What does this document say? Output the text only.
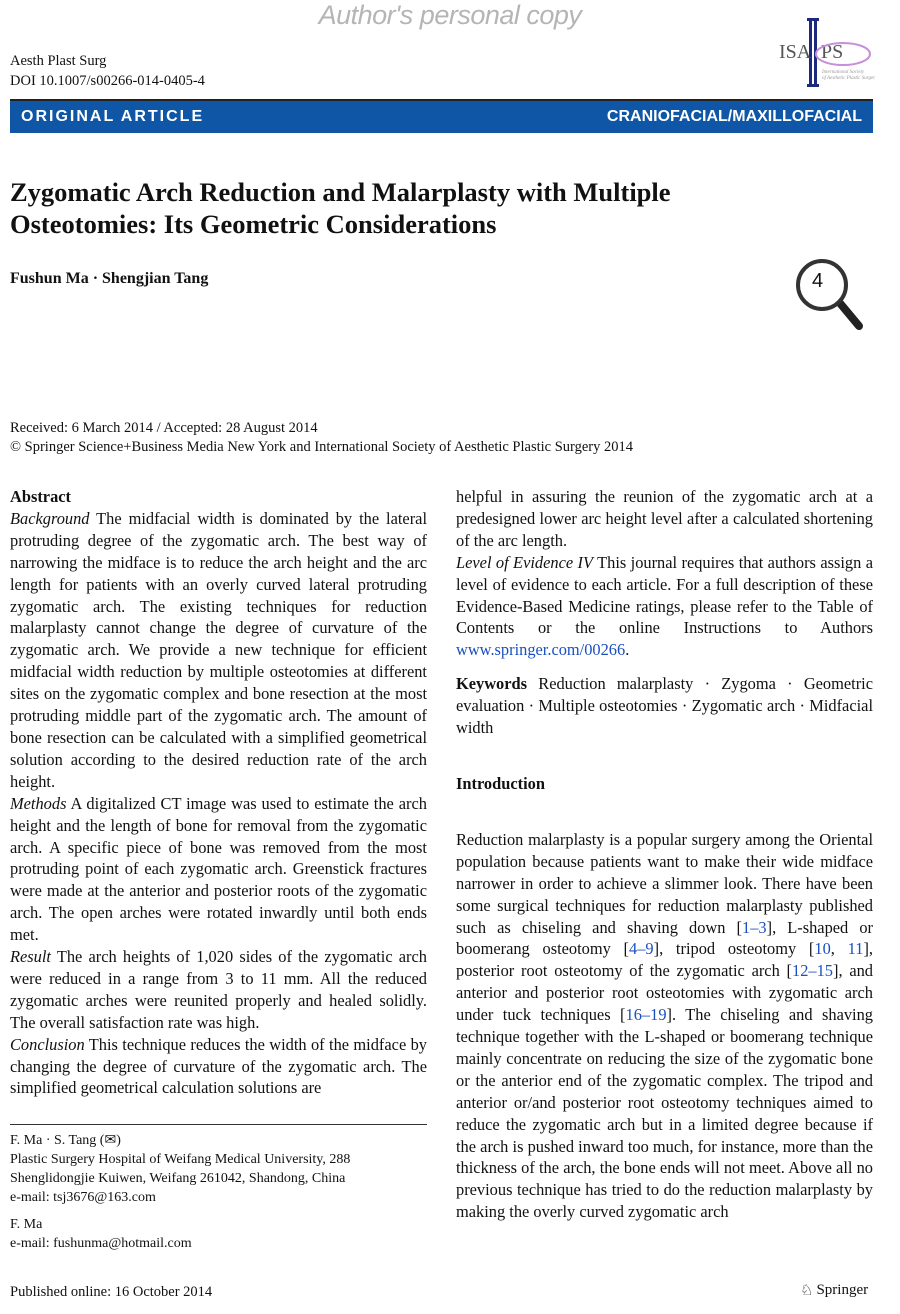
Author's personal copy
Aesth Plast Surg
DOI 10.1007/s00266-014-0405-4
ISA PS
International Society
of Aesthetic Plastic Surgery
ORIGINAL ARTICLE	CRANIOFACIAL/MAXILLOFACIAL
Zygomatic Arch Reduction and Malarplasty with Multiple Osteotomies: Its Geometric Considerations
Fushun Ma · Shengjian Tang	4
Received: 6 March 2014 / Accepted: 28 August 2014
© Springer Science+Business Media New York and International Society of Aesthetic Plastic Surgery 2014
Abstract

Background The midfacial width is dominated by the lateral protruding degree of the zygomatic arch. The best way of narrowing the midface is to reduce the arch height and the arc length for patients with an overly curved lateral protruding zygomatic arch. The existing techniques for reduction malarplasty cannot change the degree of curvature of the zygomatic arch. We provide a new technique for efficient midfacial width reduction by multiple osteotomies at different sites on the zygomatic complex and bone resection at the most protruding middle part of the zygomatic arch. The amount of bone resection can be calculated with a simplified geometrical solution according to the desired reduction rate of the arch height.

Methods A digitalized CT image was used to estimate the arch height and the length of bone for removal from the zygomatic arch. A specific piece of bone was removed from the most protruding point of each zygomatic arch. Greenstick fractures were made at the anterior and posterior roots of the zygomatic arch. The open arches were rotated inwardly until both ends met.

Result The arch heights of 1,020 sides of the zygomatic arch were reduced in a range from 3 to 11 mm. All the reduced zygomatic arches were reunited properly and healed solidly. The overall satisfaction rate was high.

Conclusion This technique reduces the width of the midface by changing the degree of curvature of the zygomatic arch. The simplified geometrical calculation solutions are

helpful in assuring the reunion of the zygomatic arch at a predesigned lower arc height level after a calculated shortening of the arc length.

Level of Evidence IV This journal requires that authors assign a level of evidence to each article. For a full description of these Evidence-Based Medicine ratings, please refer to the Table of Contents or the online Instructions to Authors www.springer.com/00266.

Keywords Reduction malarplasty · Zygoma · Geometric evaluation · Multiple osteotomies · Zygomatic arch · Midfacial width

Introduction

Reduction malarplasty is a popular surgery among the Oriental population because patients want to make their wide midface narrower in order to achieve a slimmer look. There have been some surgical techniques for reduction malarplasty published such as chiseling and shaving down [1–3], L-shaped or boomerang osteotomy [4–9], tripod osteotomy [10, 11], posterior root osteotomy of the zygomatic arch [12–15], and anterior and posterior root osteotomies with zygomatic arch under tuck techniques [16–19]. The chiseling and shaving technique together with the L-shaped or boomerang technique mainly concentrate on reducing the size of the zygomatic bone or the anterior end of the zygomatic complex. The tripod and anterior or/and posterior root osteotomy techniques aimed to reduce the zygomatic arch but in a limited degree because if the arch is pushed inward too much, for instance, more than the thickness of the arch, the bone ends will not meet. Above all no previous technique has tried to do the reduction malarplasty by making the overly curved zygomatic arch

F. Ma · S. Tang (✉)
Plastic Surgery Hospital of Weifang Medical University, 288
Shenglidongjie Kuiwen, Weifang 261042, Shandong, China
e-mail: tsj3676@163.com
F. Ma
e-mail: fushunma@hotmail.com
Published online: 16 October 2014	♘ Springer
